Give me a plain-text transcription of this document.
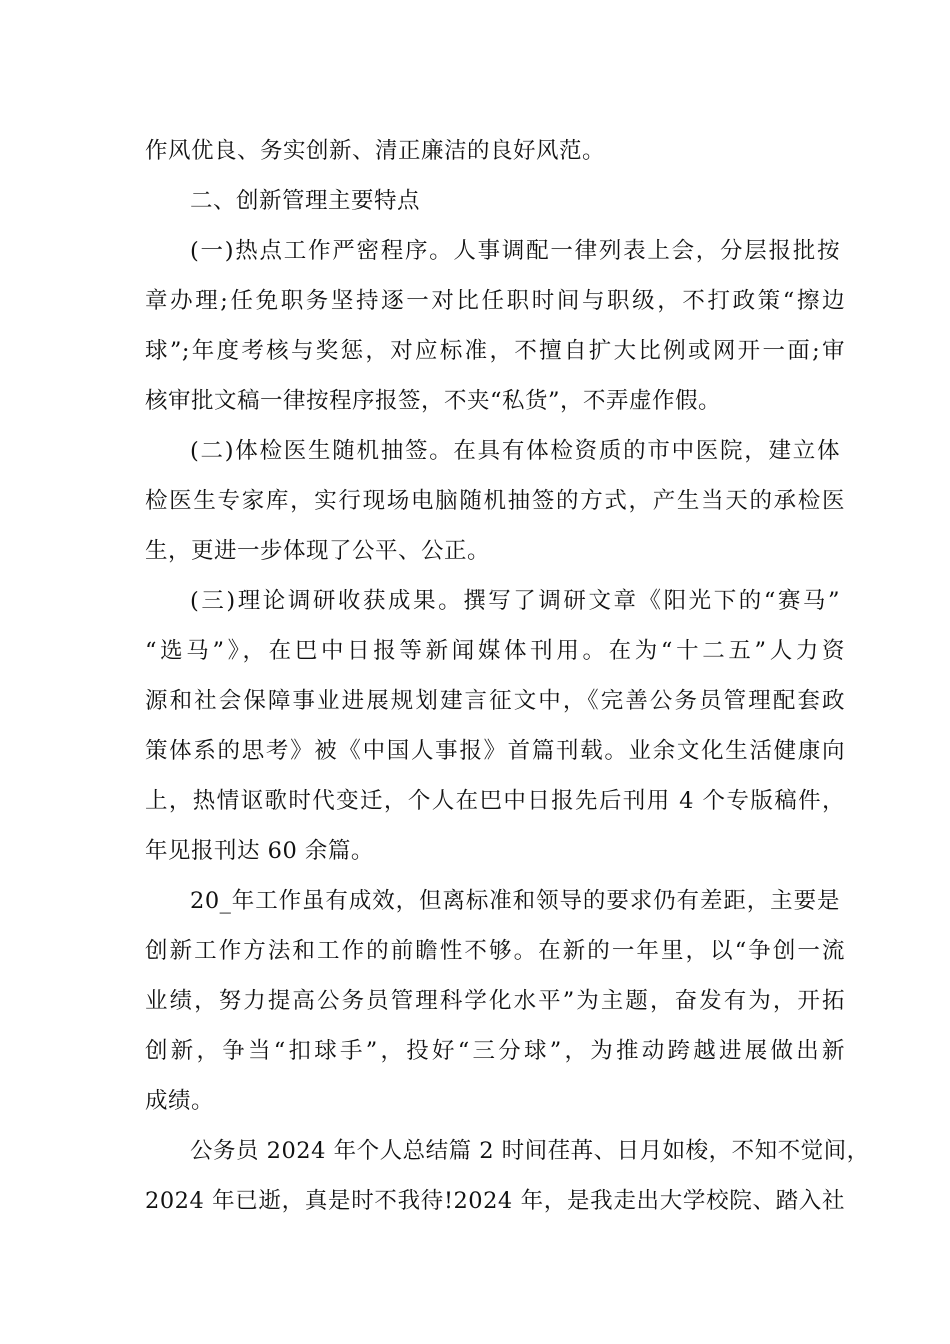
作风优良、务实创新、清正廉洁的良好风范。
二、创新管理主要特点
(一)热点工作严密程序。人事调配一律列表上会，分层报批按
章办理;任免职务坚持逐一对比任职时间与职级，不打政策“擦边
球”;年度考核与奖惩，对应标准，不擅自扩大比例或网开一面;审
核审批文稿一律按程序报签，不夹“私货”，不弄虚作假。
(二)体检医生随机抽签。在具有体检资质的市中医院，建立体
检医生专家库，实行现场电脑随机抽签的方式，产生当天的承检医
生，更进一步体现了公平、公正。
(三)理论调研收获成果。撰写了调研文章《阳光下的“赛马”
“选马”》，在巴中日报等新闻媒体刊用。在为“十二五”人力资
源和社会保障事业进展规划建言征文中，《完善公务员管理配套政
策体系的思考》被《中国人事报》首篇刊载。业余文化生活健康向
上，热情讴歌时代变迁，个人在巴中日报先后刊用 4 个专版稿件，
年见报刊达 60 余篇。
20_年工作虽有成效，但离标准和领导的要求仍有差距，主要是
创新工作方法和工作的前瞻性不够。在新的一年里，以“争创一流
业绩，努力提高公务员管理科学化水平”为主题，奋发有为，开拓
创新，争当“扣球手”，投好“三分球”，为推动跨越进展做出新
成绩。
公务员 2024 年个人总结篇 2 时间荏苒、日月如梭，不知不觉间，
2024 年已逝，真是时不我待!2024 年，是我走出大学校院、踏入社
